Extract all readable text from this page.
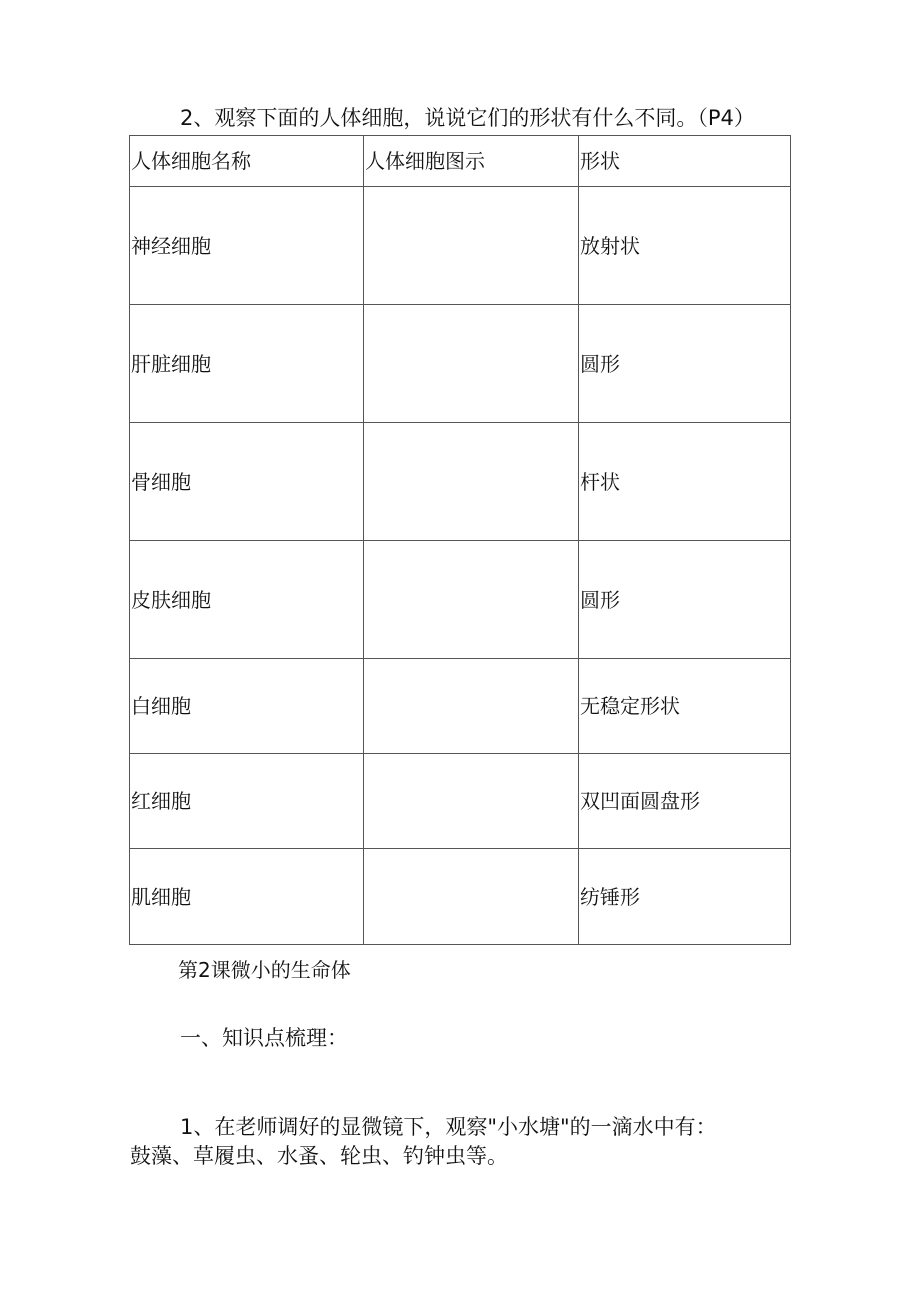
2、观察下面的人体细胞，说说它们的形状有什么不同。（P4）
人体细胞名称	人体细胞图示	形状
神经细胞		放射状
肝脏细胞		圆形
骨细胞		杆状
皮肤细胞		圆形
白细胞		无稳定形状
红细胞		双凹面圆盘形
肌细胞		纺锤形
第2课微小的生命体
一、知识点梳理：
1、在老师调好的显微镜下，观察"小水塘"的一滴水中有：
鼓藻、草履虫、水蚤、轮虫、钓钟虫等。
